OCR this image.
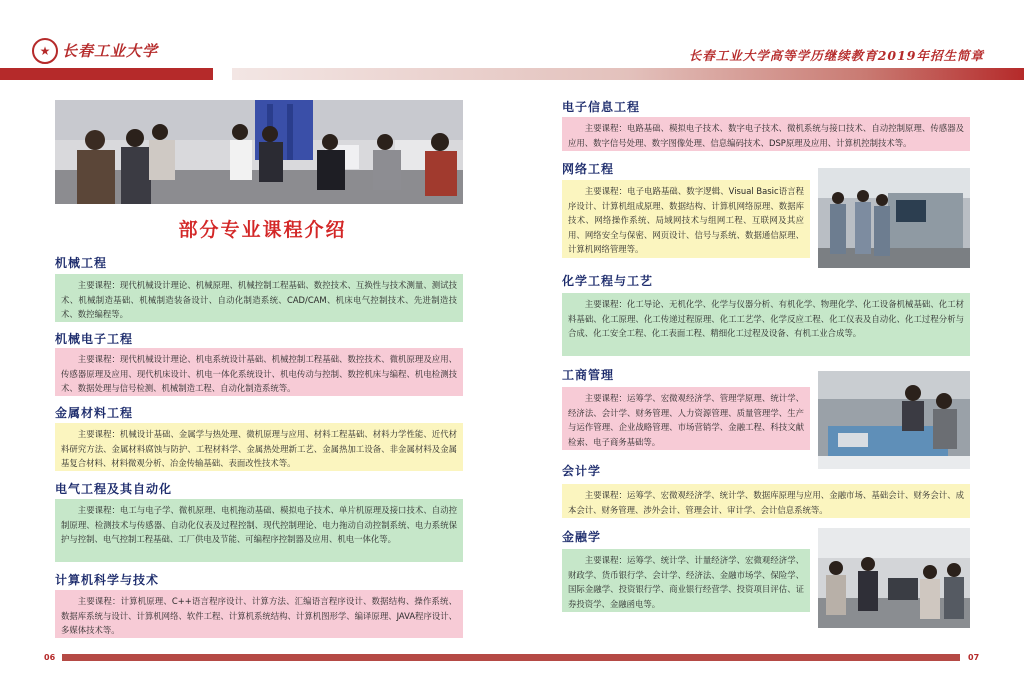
★ 长春工业大学	长春工业大学高等学历继续教育2019年招生简章
部分专业课程介绍
机械工程
主要课程：现代机械设计理论、机械原理、机械控制工程基础、数控技术、互换性与技术测量、测试技术、机械制造基础、机械制造装备设计、自动化制造系统、CAD/CAM、机床电气控制技术、先进制造技术、数控编程等。
机械电子工程
主要课程：现代机械设计理论、机电系统设计基础、机械控制工程基础、数控技术、微机原理及应用、传感器原理及应用、现代机床设计、机电一体化系统设计、机电传动与控制、数控机床与编程、机电检测技术、数据处理与信号检测、机械制造工程、自动化制造系统等。
金属材料工程
主要课程：机械设计基础、金属学与热处理、微机原理与应用、材料工程基础、材料力学性能、近代材料研究方法、金属材料腐蚀与防护、工程材料学、金属热处理新工艺、金属热加工设备、非金属材料及金属基复合材料、材料微观分析、冶金传输基础、表面改性技术等。
电气工程及其自动化
主要课程：电工与电子学、微机原理、电机拖动基础、模拟电子技术、单片机原理及接口技术、自动控制原理、检测技术与传感器、自动化仪表及过程控制、现代控制理论、电力拖动自动控制系统、电力系统保护与控制、电气控制工程基础、工厂供电及节能、可编程序控制器及应用、机电一体化等。
计算机科学与技术
主要课程：计算机原理、C++语言程序设计、计算方法、汇编语言程序设计、数据结构、操作系统、数据库系统与设计、计算机网络、软件工程、计算机系统结构、计算机图形学、编译原理、JAVA程序设计、多媒体技术等。
电子信息工程
主要课程：电路基础、模拟电子技术、数字电子技术、微机系统与接口技术、自动控制原理、传感器及应用、数字信号处理、数字图像处理、信息编码技术、DSP原理及应用、计算机控制技术等。
网络工程
主要课程：电子电路基础、数字逻辑、Visual Basic语言程序设计、计算机组成原理、数据结构、计算机网络原理、数据库技术、网络操作系统、局域网技术与组网工程、互联网及其应用、网络安全与保密、网页设计、信号与系统、数据通信原理、计算机网络管理等。
化学工程与工艺
主要课程：化工导论、无机化学、化学与仪器分析、有机化学、物理化学、化工设备机械基础、化工材料基础、化工原理、化工传递过程原理、化工工艺学、化学反应工程、化工仪表及自动化、化工过程分析与合成、化工安全工程、化工表面工程、精细化工过程及设备、有机工业合成等。
工商管理
主要课程：运筹学、宏微观经济学、管理学原理、统计学、经济法、会计学、财务管理、人力资源管理、质量管理学、生产与运作管理、企业战略管理、市场营销学、金融工程、科技文献检索、电子商务基础等。
会计学
主要课程：运筹学、宏微观经济学、统计学、数据库原理与应用、金融市场、基础会计、财务会计、成本会计、财务管理、涉外会计、管理会计、审计学、会计信息系统等。
金融学
主要课程：运筹学、统计学、计量经济学、宏微观经济学、财政学、货币银行学、会计学、经济法、金融市场学、保险学、国际金融学、投资银行学、商业银行经营学、投资项目评估、证券投资学、金融函电等。
06	07
